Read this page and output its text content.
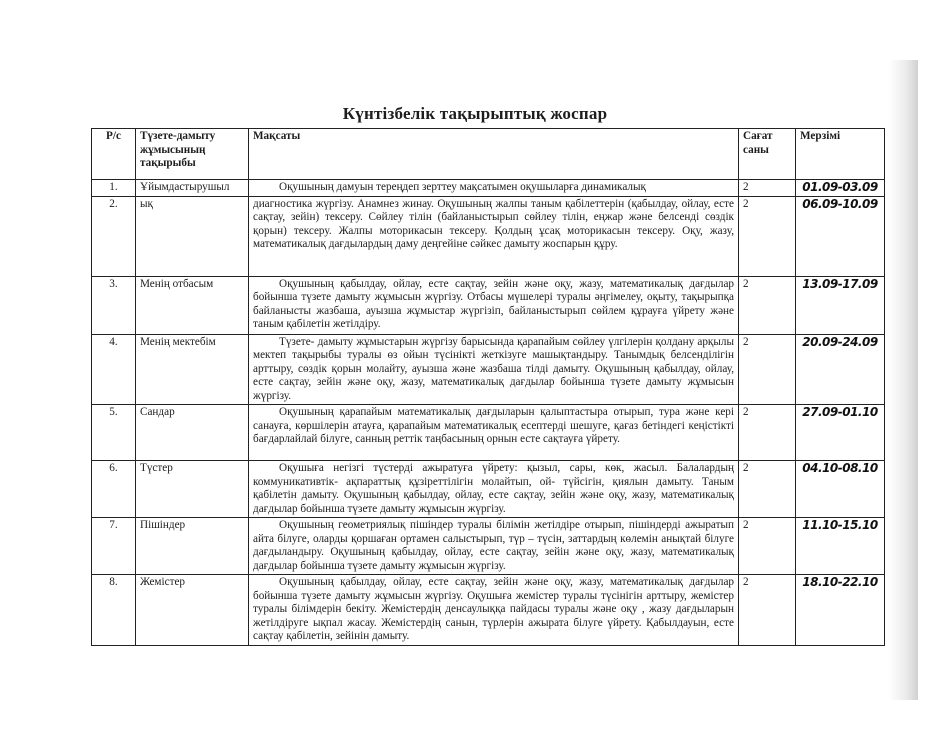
Күнтізбелік тақырыптық жоспар
Р/с	Түзете-дамыту жұмысының тақырыбы	Мақсаты	Сағат саны	Мерзімі
1.	Ұйымдастырушыл	Оқушының дамуын тереңдеп зерттеу мақсатымен оқушыларға динамикалық	2	01.09-03.09
2.	ық	диагностика жүргізу. Анамнез жинау. Оқушының жалпы таным қабілеттерін (қабылдау, ойлау, есте сақтау, зейін) тексеру. Сөйлеу тілін (байланыстырып сөйлеу тілін, еңжар және белсенді сөздік қорын) тексеру. Жалпы моторикасын тексеру. Қолдың ұсақ моторикасын тексеру. Оқу, жазу, математикалық дағдылардың даму деңгейіне сәйкес дамыту жоспарын құру.	2	06.09-10.09
3.	Менің отбасым	Оқушының қабылдау, ойлау, есте сақтау, зейін және оқу, жазу, математикалық дағдылар бойынша түзете дамыту жұмысын жүргізу. Отбасы мүшелері туралы әңгімелеу, оқыту, тақырыпқа байланысты жазбаша, ауызша жұмыстар жүргізіп, байланыстырып сөйлем құрауға үйрету және таным қабілетін жетілдіру.	2	13.09-17.09
4.	Менің мектебім	Түзете- дамыту жұмыстарын жүргізу барысында қарапайым сөйлеу үлгілерін қолдану арқылы мектеп тақырыбы туралы өз ойын түсінікті жеткізуге машықтандыру. Танымдық белсенділігін арттыру, сөздік қорын молайту, ауызша және жазбаша тілді дамыту. Оқушының қабылдау, ойлау, есте сақтау, зейін және оқу, жазу, математикалық дағдылар бойынша түзете дамыту жұмысын жүргізу.	2	20.09-24.09
5.	Сандар	Оқушының қарапайым математикалық дағдыларын қалыптастыра отырып, тура және кері санауға, көршілерін атауға, қарапайым математикалық есептерді шешуге, қағаз бетіндегі кеңістікті бағдарлайлай білуге, санның реттік таңбасының орнын есте сақтауға үйрету.	2	27.09-01.10
6.	Түстер	Оқушыға негізгі түстерді ажыратуға үйрету: қызыл, сары, көк, жасыл. Балалардың коммуникативтік- ақпараттық құзіреттілігін молайтып, ой- түйсігін, қиялын дамыту. Таным қабілетін дамыту. Оқушының қабылдау, ойлау, есте сақтау, зейін және оқу, жазу, математикалық дағдылар бойынша түзете дамыту жұмысын жүргізу.	2	04.10-08.10
7.	Пішіндер	Оқушының геометриялық пішіндер туралы білімін жетілдіре отырып, пішіндерді ажыратып айта білуге, оларды қоршаған ортамен салыстырып, түр – түсін, заттардың көлемін анықтай білуге дағдыландыру. Оқушының қабылдау, ойлау, есте сақтау, зейін және оқу, жазу, математикалық дағдылар бойынша түзете дамыту жұмысын жүргізу.	2	11.10-15.10
8.	Жемістер	Оқушының қабылдау, ойлау, есте сақтау, зейін және оқу, жазу, математикалық дағдылар бойынша түзете дамыту жұмысын жүргізу. Оқушыға жемістер туралы түсінігін арттыру, жемістер туралы білімдерін бекіту. Жемістердің денсаулыққа пайдасы туралы және оқу , жазу дағдыларын жетілдіруге ықпал жасау. Жемістердің санын, түрлерін ажырата білуге үйрету. Қабылдауын, есте сақтау қабілетін, зейінін дамыту.	2	18.10-22.10
